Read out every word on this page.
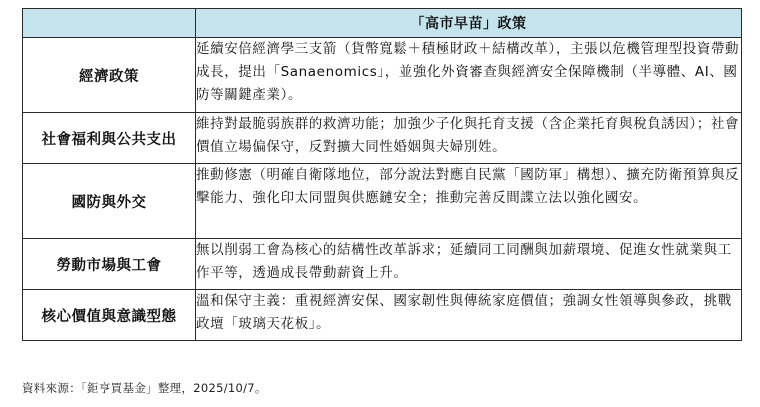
	「高市早苗」政策
經濟政策	延續安倍經濟學三支箭（貨幣寬鬆＋積極財政＋結構改革），主張以危機管理型投資帶動成長，提出「Sanaenomics」，並強化外資審查與經濟安全保障機制（半導體、AI、國防等關鍵產業）。
社會福利與公共支出	維持對最脆弱族群的救濟功能；加強少子化與托育支援（含企業托育與稅負誘因）；社會價值立場偏保守，反對擴大同性婚姻與夫婦別姓。
國防與外交	推動修憲（明確自衛隊地位，部分說法對應自民黨「國防軍」構想）、擴充防衛預算與反擊能力、強化印太同盟與供應鏈安全；推動完善反間諜立法以強化國安。
勞動市場與工會	無以削弱工會為核心的結構性改革訴求；延續同工同酬與加薪環境、促進女性就業與工作平等，透過成長帶動薪資上升。
核心價值與意識型態	溫和保守主義：重視經濟安保、國家韌性與傳統家庭價值；強調女性領導與參政，挑戰政壇「玻璃天花板」。
資料來源：「鉅亨買基金」整理，2025/10/7。
